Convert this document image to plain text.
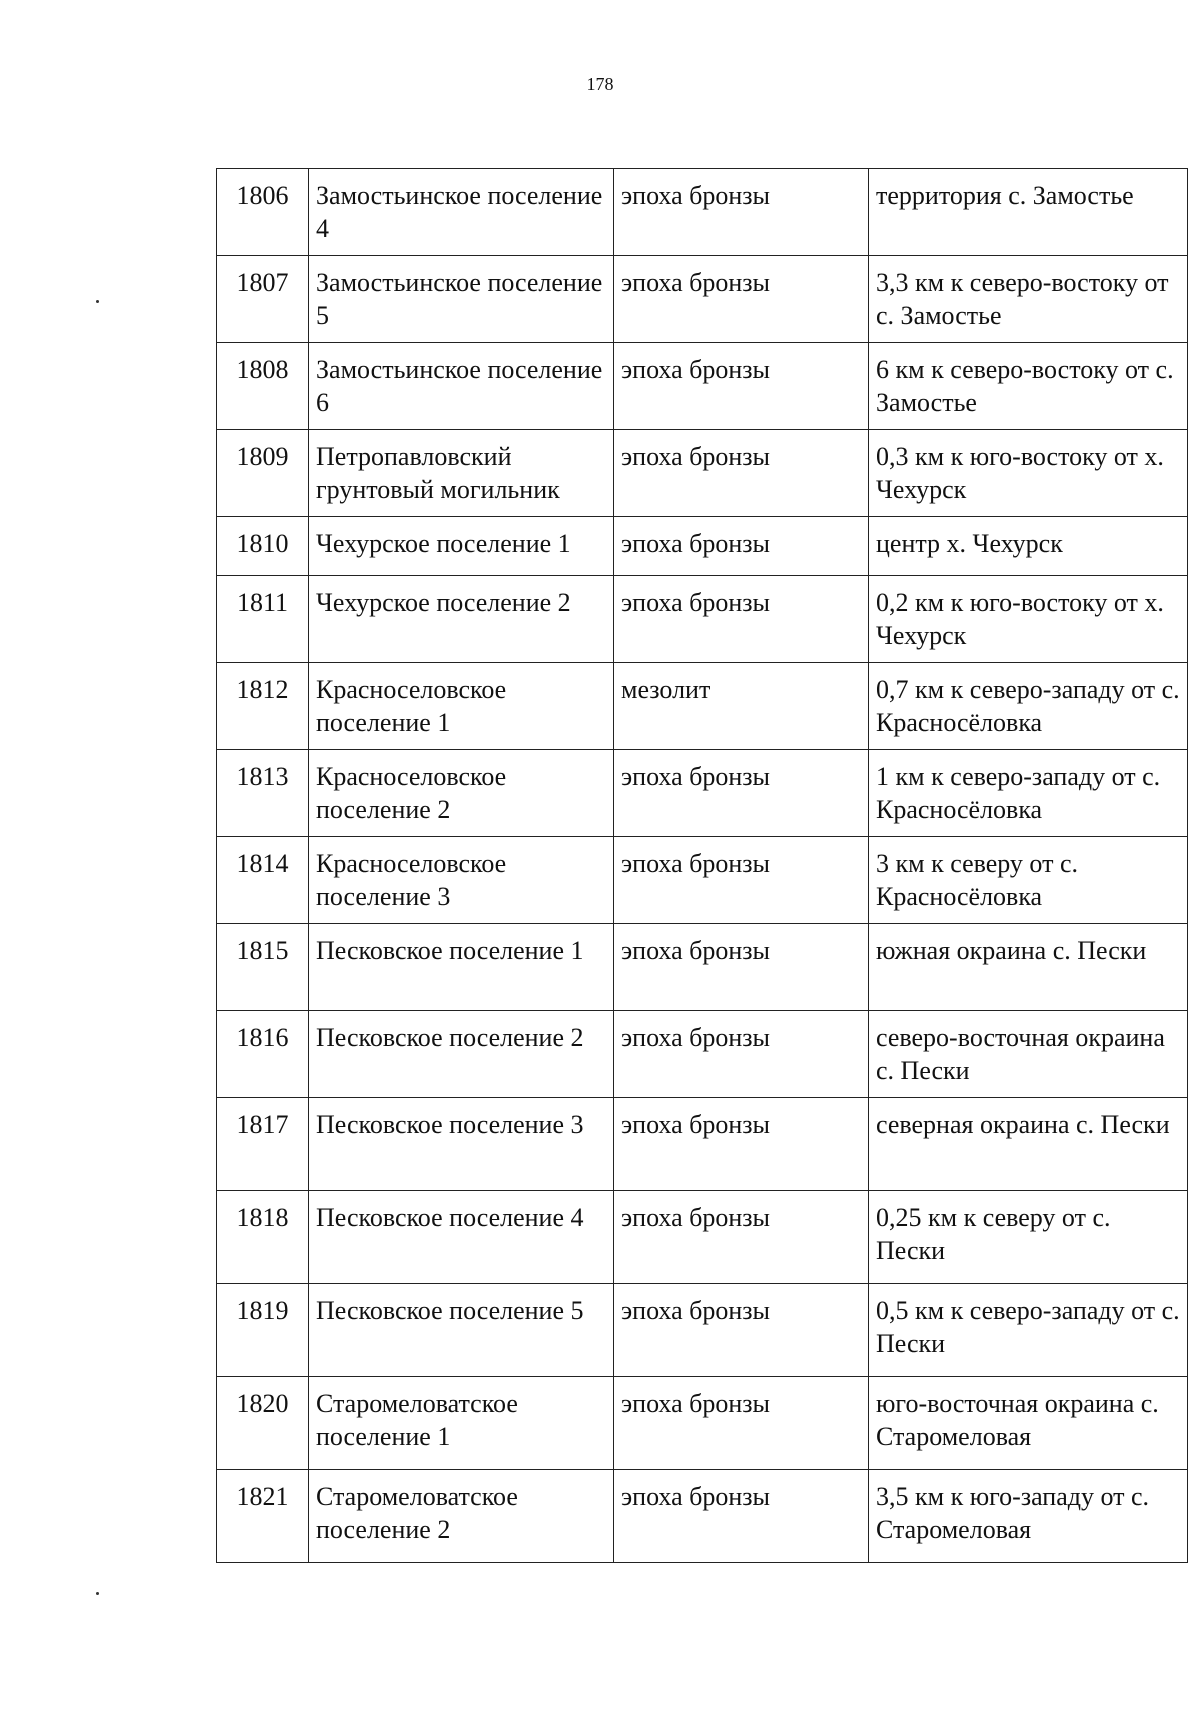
178
1806	Замостьинское поселение 4	эпоха бронзы	территория с. Замостье
1807	Замостьинское поселение 5	эпоха бронзы	3,3 км к северо-востоку от с. Замостье
1808	Замостьинское поселение 6	эпоха бронзы	6 км к северо-востоку от с. Замостье
1809	Петропавловский грунтовый могильник	эпоха бронзы	0,3 км к юго-востоку от х. Чехурск
1810	Чехурское поселение 1	эпоха бронзы	центр х. Чехурск
1811	Чехурское поселение 2	эпоха бронзы	0,2 км к юго-востоку от х. Чехурск
1812	Красноселовское поселение 1	мезолит	0,7 км к северо-западу от с. Красносёловка
1813	Красноселовское поселение 2	эпоха бронзы	1 км к северо-западу от с. Красносёловка
1814	Красноселовское поселение 3	эпоха бронзы	3 км к северу от с. Красносёловка
1815	Песковское поселение 1	эпоха бронзы	южная окраина с. Пески
1816	Песковское поселение 2	эпоха бронзы	северо-восточная окраина с. Пески
1817	Песковское поселение 3	эпоха бронзы	северная окраина с. Пески
1818	Песковское поселение 4	эпоха бронзы	0,25 км к северу от с. Пески
1819	Песковское поселение 5	эпоха бронзы	0,5 км к северо-западу от с. Пески
1820	Старомеловатское поселение 1	эпоха бронзы	юго-восточная окраина с. Старомеловая
1821	Старомеловатское поселение 2	эпоха бронзы	3,5 км к юго-западу от с. Старомеловая
